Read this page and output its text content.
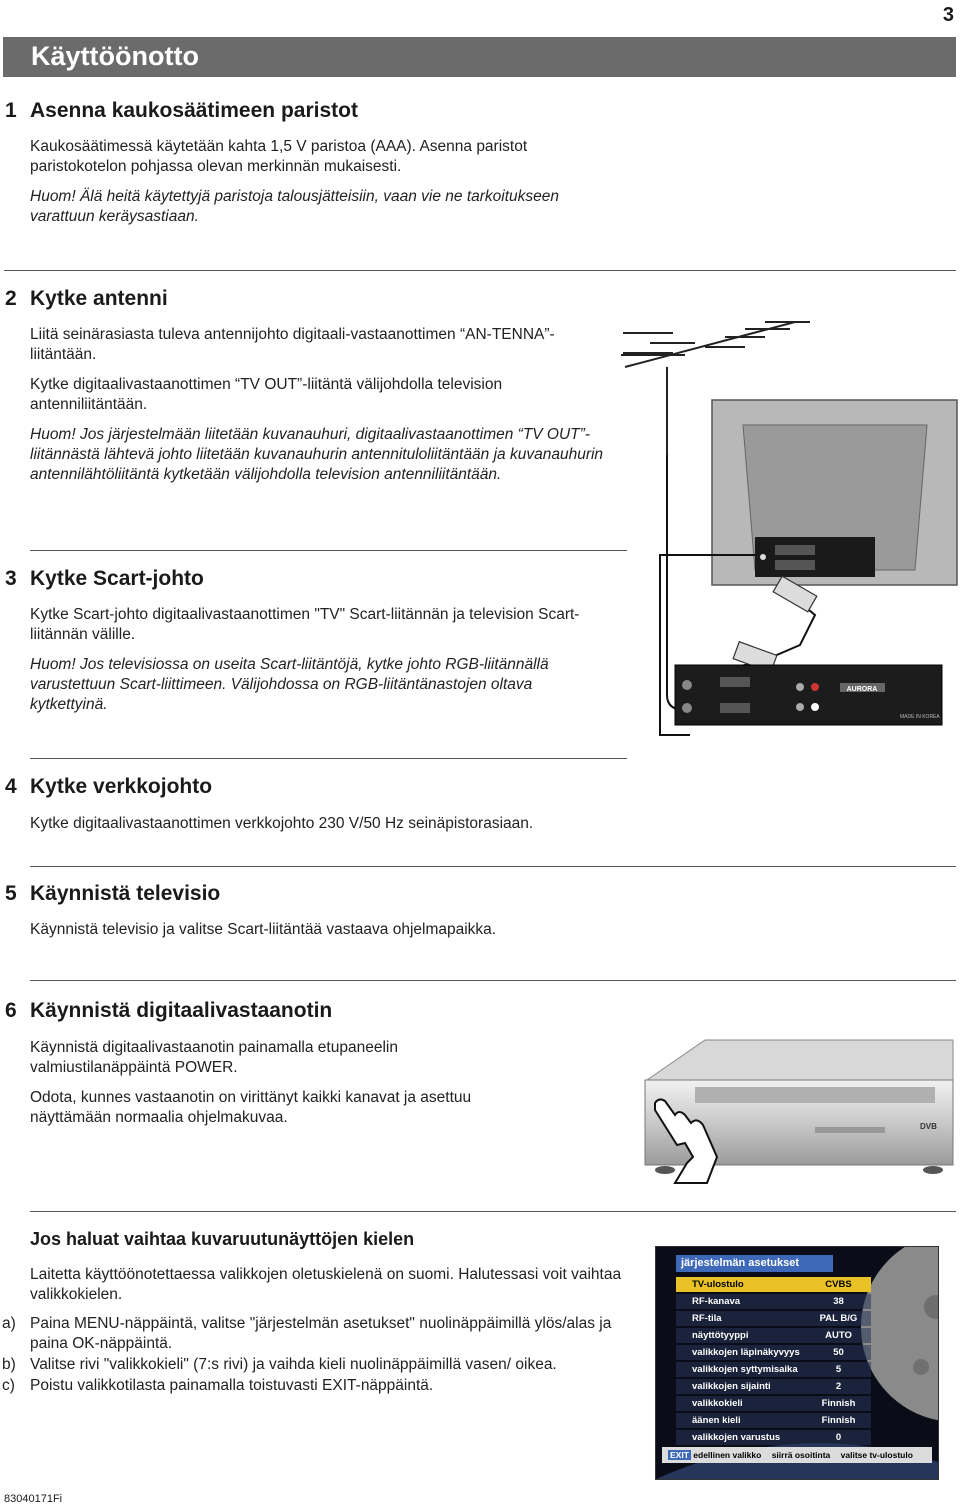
3
Käyttöönotto
1 Asenna kaukosäätimeen paristot

Kaukosäätimessä käytetään kahta 1,5 V paristoa (AAA). Asenna paristot paristokotelon pohjassa olevan merkinnän mukaisesti.

Huom! Älä heitä käytettyjä paristoja talousjätteisiin, vaan vie ne tarkoitukseen varattuun keräysastiaan.

2 Kytke antenni

Liitä seinärasiasta tuleva antennijohto digitaali-vastaanottimen “AN-TENNA”-liitäntään.

Kytke digitaalivastaanottimen “TV OUT”-liitäntä välijohdolla television antenniliitäntään.

Huom! Jos järjestelmään liitetään kuvanauhuri, digitaalivastaanottimen “TV OUT”-liitännästä lähtevä johto liitetään kuvanauhurin antennituloliitäntään ja kuvanauhurin antennilähtöliitäntä kytketään välijohdolla television antenniliitäntään.

AURORA
MADE IN KOREA
3 Kytke Scart-johto

Kytke Scart-johto digitaalivastaanottimen "TV" Scart-liitännän ja television Scart-liitännän välille.

Huom! Jos televisiossa on useita Scart-liitäntöjä, kytke johto RGB-liitännällä varustettuun Scart-liittimeen. Välijohdossa on RGB-liitäntänastojen oltava kytkettyinä.

4 Kytke verkkojohto

Kytke digitaalivastaanottimen verkkojohto 230 V/50 Hz seinäpistorasiaan.

5 Käynnistä televisio

Käynnistä televisio ja valitse Scart-liitäntää vastaava ohjelmapaikka.

6 Käynnistä digitaalivastaanotin

Käynnistä digitaalivastaanotin painamalla etupaneelin valmiustilanäppäintä POWER.

Odota, kunnes vastaanotin on virittänyt kaikki kanavat ja asettuu näyttämään normaalia ohjelmakuvaa.

DVB
Jos haluat vaihtaa kuvaruutunäyttöjen kielen

Laitetta käyttöönotettaessa valikkojen oletuskielenä on suomi. Halutessasi voit vaihtaa valikkokielen.

a) Paina MENU-näppäintä, valitse "järjestelmän asetukset" nuolinäppäimillä ylös/alas ja paina OK-näppäintä.
b) Valitse rivi "valikkokieli" (7:s rivi) ja vaihda kieli nuolinäppäimillä vasen/ oikea.
c) Poistu valikkotilasta painamalla toistuvasti EXIT-näppäintä.
järjestelmän asetukset
TV-ulostulo	CVBS
RF-kanava	38
RF-tila	PAL B/G
näyttötyyppi	AUTO
valikkojen läpinäkyvyys	50
valikkojen syttymisaika	5
valikkojen sijainti	2
valikkokieli	Finnish
äänen kieli	Finnish
valikkojen varustus	0
EXIT edellinen valikko siirrä osoitinta valitse tv-ulostulo
83040171Fi
